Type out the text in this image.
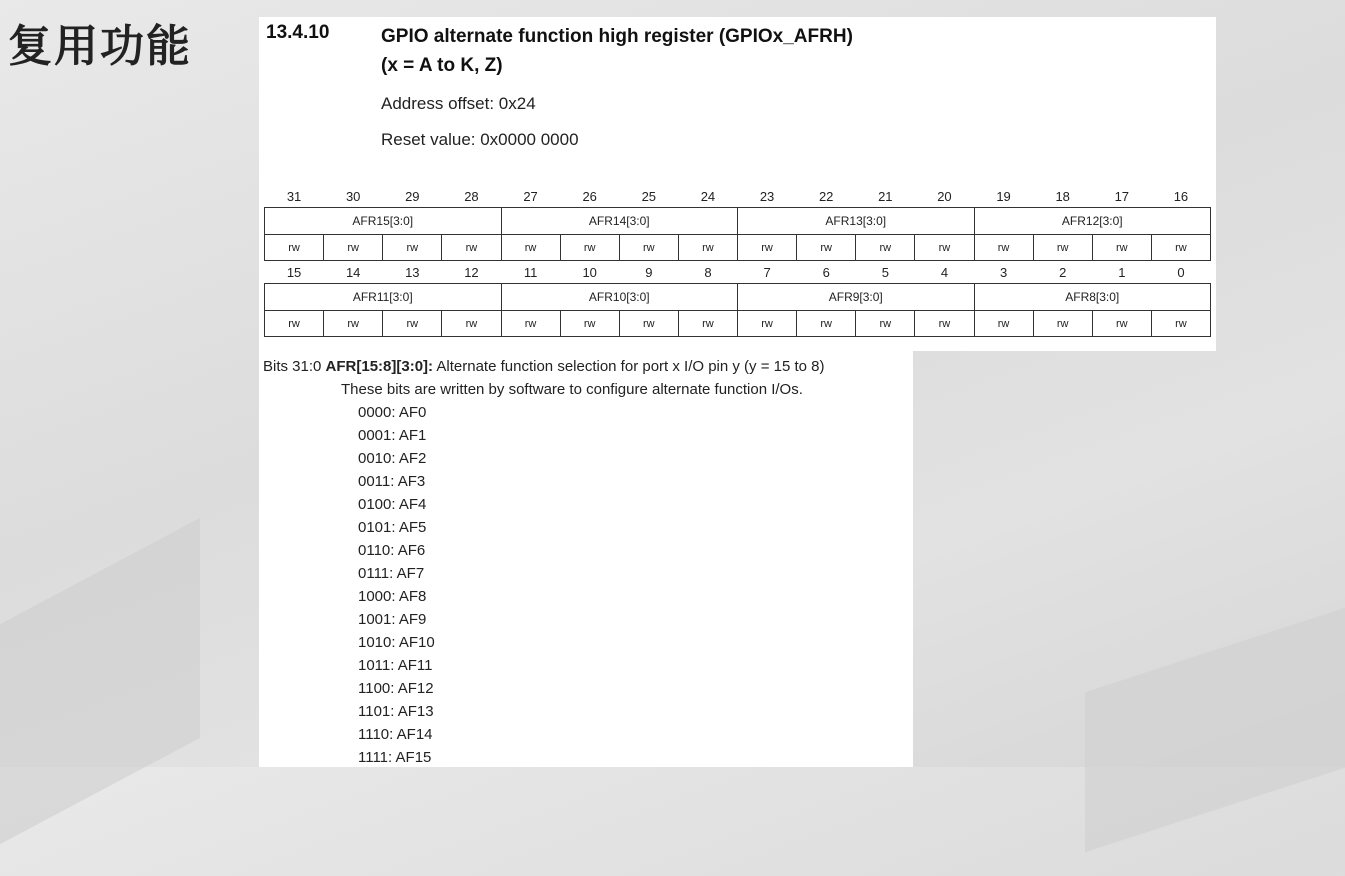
复用功能	13.4.10	GPIO alternate function high register (GPIOx_AFRH)
(x = A to K, Z)
Address offset: 0x24
Reset value: 0x0000 0000
31	30	29	28	27	26	25	24	23	22	21	20	19	18	17	16
AFR15[3:0]				AFR14[3:0]				AFR13[3:0]				AFR12[3:0]			
rw	rw	rw	rw	rw	rw	rw	rw	rw	rw	rw	rw	rw	rw	rw	rw
15	14	13	12	11	10	9	8	7	6	5	4	3	2	1	0
AFR11[3:0]				AFR10[3:0]				AFR9[3:0]				AFR8[3:0]			
rw	rw	rw	rw	rw	rw	rw	rw	rw	rw	rw	rw	rw	rw	rw	rw
Bits 31:0 AFR[15:8][3:0]: Alternate function selection for port x I/O pin y (y = 15 to 8)
These bits are written by software to configure alternate function I/Os.
0000: AF0
0001: AF1
0010: AF2
0011: AF3
0100: AF4
0101: AF5
0110: AF6
0111: AF7
1000: AF8
1001: AF9
1010: AF10
1011: AF11
1100: AF12
1101: AF13
1110: AF14
1111: AF15
